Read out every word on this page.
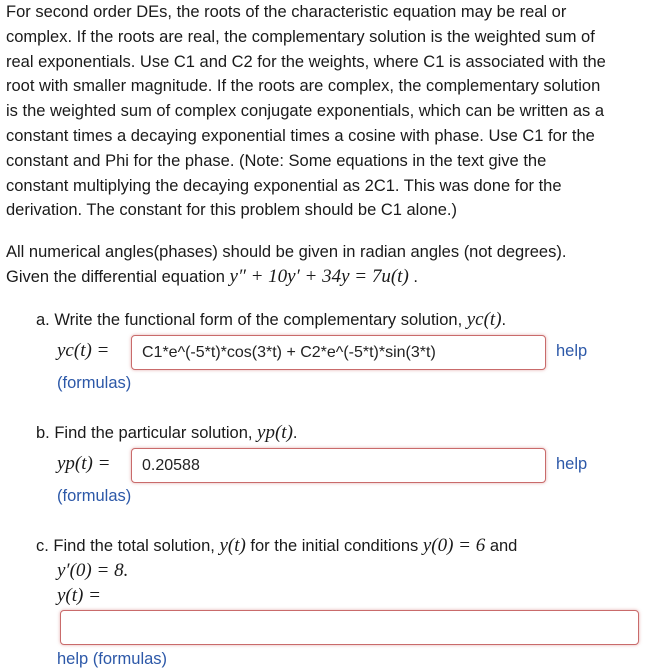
For second order DEs, the roots of the characteristic equation may be real or
complex. If the roots are real, the complementary solution is the weighted sum of
real exponentials. Use C1 and C2 for the weights, where C1 is associated with the
root with smaller magnitude. If the roots are complex, the complementary solution
is the weighted sum of complex conjugate exponentials, which can be written as a
constant times a decaying exponential times a cosine with phase. Use C1 for the
constant and Phi for the phase. (Note: Some equations in the text give the
constant multiplying the decaying exponential as 2C1. This was done for the
derivation. The constant for this problem should be C1 alone.)
All numerical angles(phases) should be given in radian angles (not degrees).
Given the differential equation y″ + 10y′ + 34y = 7u(t) .
a. Write the functional form of the complementary solution, y‌c(t).
yc(t) =	C1*e^(-5*t)*cos(3*t) + C2*e^(-5*t)*sin(3*t)	help
(formulas)
b. Find the particular solution, yp(t).
yp(t) =	0.20588	help
(formulas)
c. Find the total solution, y(t) for the initial conditions y(0) = 6 and
y′(0) = 8.
y(t) =
help (formulas)
